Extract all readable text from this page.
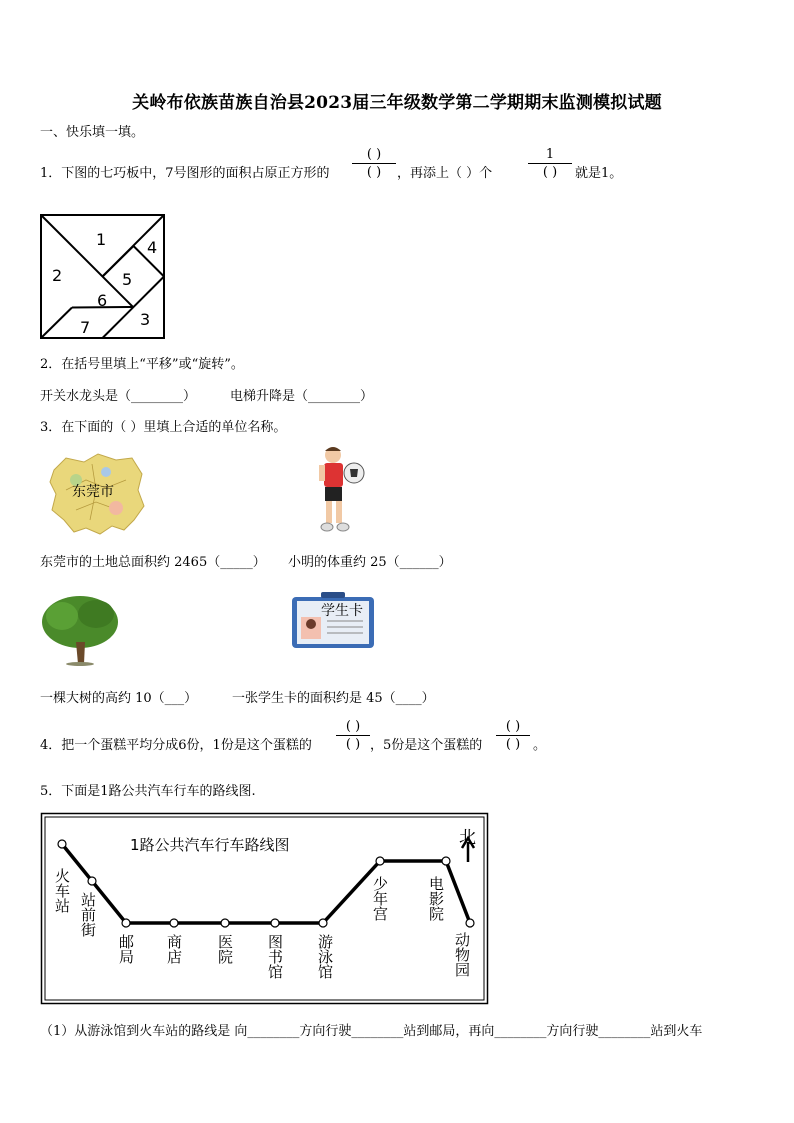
关岭布依族苗族自治县2023届三年级数学第二学期期末监测模拟试题
一、快乐填一填。
1．下图的七巧板中，7号图形的面积占原正方形的
( )
( )	，再添上（ ）个
1
( )	就是1。
1
2
3
4
5
6
7
2．在括号里填上“平移”或“旋转”。
开关水龙头是（________）	电梯升降是（________）
3．在下面的（ ）里填上合适的单位名称。
东莞市
东莞市的土地总面积约 2465（_____） 小明的体重约 25（______）
学生卡
一棵大树的高约 10（___）	一张学生卡的面积约是 45（____）
4．把一个蛋糕平均分成6份，1份是这个蛋糕的
( )
( ) ，5份是这个蛋糕的
( )
( ) 。
5．下面是1路公共汽车行车的路线图.
1路公共汽车行车路线图	北
火车站
站前街
邮局 商店 医院 图书馆 游泳馆
少年宫	电影院
动物园
（1）从游泳馆到火车站的路线是 向________方向行驶________站到邮局，再向________方向行驶________站到火车
